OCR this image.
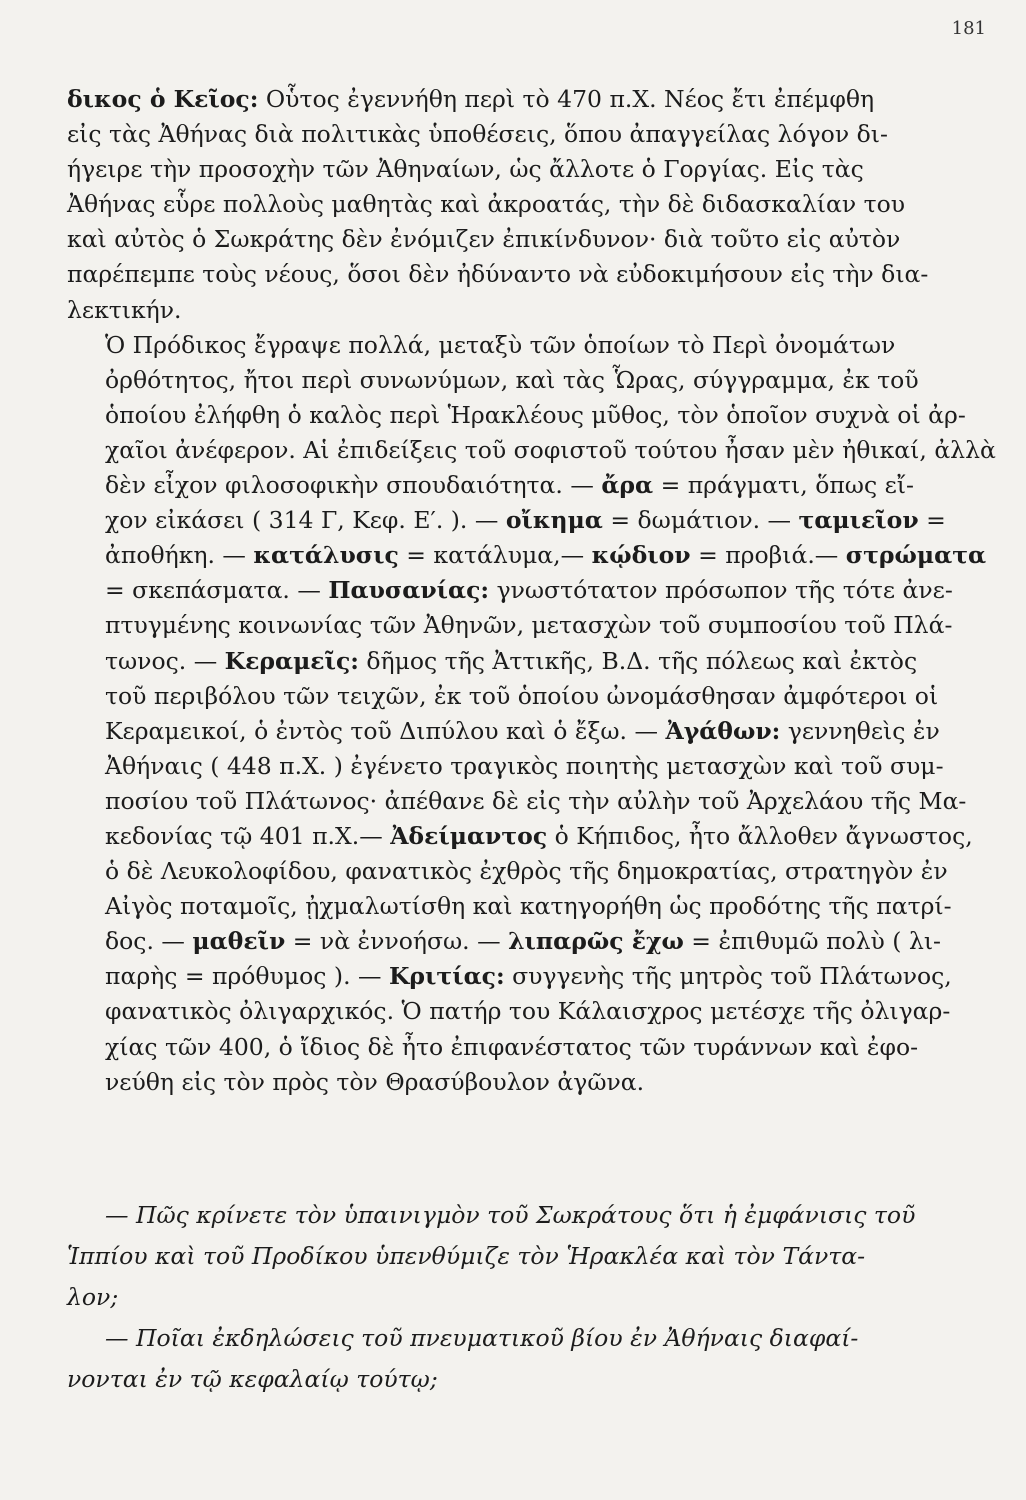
181

δικος ὁ Κεῖος: Οὗτος ἐγεννήθη περὶ τὸ 470 π.Χ. Νέος ἔτι ἐπέμφθη
εἰς τὰς Ἀθήνας διὰ πολιτικὰς ὑποθέσεις, ὅπου ἀπαγγείλας λόγον δι-
ήγειρε τὴν προσοχὴν τῶν Ἀθηναίων, ὡς ἄλλοτε ὁ Γοργίας. Εἰς τὰς
Ἀθήνας εὗρε πολλοὺς μαθητὰς καὶ ἀκροατάς, τὴν δὲ διδασκαλίαν του
καὶ αὐτὸς ὁ Σωκράτης δὲν ἐνόμιζεν ἐπικίνδυνον· διὰ τοῦτο εἰς αὐτὸν
παρέπεμπε τοὺς νέους, ὅσοι δὲν ἠδύναντο νὰ εὐδοκιμήσουν εἰς τὴν δια-
λεκτικήν.

Ὁ Πρόδικος ἔγραψε πολλά, μεταξὺ τῶν ὁποίων τὸ Περὶ ὀνομάτων
ὀρθότητος, ἤτοι περὶ συνωνύμων, καὶ τὰς Ὧρας, σύγγραμμα, ἐκ τοῦ
ὁποίου ἐλήφθη ὁ καλὸς περὶ Ἡρακλέους μῦθος, τὸν ὁποῖον συχνὰ οἱ ἀρ-
χαῖοι ἀνέφερον. Αἱ ἐπιδείξεις τοῦ σοφιστοῦ τούτου ἦσαν μὲν ἠθικαί, ἀλλὰ
δὲν εἶχον φιλοσοφικὴν σπουδαιότητα. — ἄρα = πράγματι, ὅπως εἴ-
χον εἰκάσει ( 314 Γ, Κεφ. Ε′. ). — οἴκημα = δωμάτιον. — ταμιεῖον =
ἀποθήκη. — κατάλυσις = κατάλυμα,— κῴδιον = προβιά.— στρώματα
= σκεπάσματα. — Παυσανίας: γνωστότατον πρόσωπον τῆς τότε ἀνε-
πτυγμένης κοινωνίας τῶν Ἀθηνῶν, μετασχὼν τοῦ συμποσίου τοῦ Πλά-
τωνος. — Κεραμεῖς: δῆμος τῆς Ἀττικῆς, Β.Δ. τῆς πόλεως καὶ ἐκτὸς
τοῦ περιβόλου τῶν τειχῶν, ἐκ τοῦ ὁποίου ὠνομάσθησαν ἀμφότεροι οἱ
Κεραμεικοί, ὁ ἐντὸς τοῦ Διπύλου καὶ ὁ ἔξω. — Ἀγάθων: γεννηθεὶς ἐν
Ἀθήναις ( 448 π.Χ. ) ἐγένετο τραγικὸς ποιητὴς μετασχὼν καὶ τοῦ συμ-
ποσίου τοῦ Πλάτωνος· ἀπέθανε δὲ εἰς τὴν αὐλὴν τοῦ Ἀρχελάου τῆς Μα-
κεδονίας τῷ 401 π.Χ.— Ἀδείμαντος ὁ Κήπιδος, ἦτο ἄλλοθεν ἄγνωστος,
ὁ δὲ Λευκολοφίδου, φανατικὸς ἐχθρὸς τῆς δημοκρατίας, στρατηγὸν ἐν
Αἰγὸς ποταμοῖς, ᾐχμαλωτίσθη καὶ κατηγορήθη ὡς προδότης τῆς πατρί-
δος. — μαθεῖν = νὰ ἐννοήσω. — λιπαρῶς ἔχω = ἐπιθυμῶ πολὺ ( λι-
παρὴς = πρόθυμος ). — Κριτίας: συγγενὴς τῆς μητρὸς τοῦ Πλάτωνος,
φανατικὸς ὀλιγαρχικός. Ὁ πατήρ του Κάλαισχρος μετέσχε τῆς ὀλιγαρ-
χίας τῶν 400, ὁ ἴδιος δὲ ἦτο ἐπιφανέστατος τῶν τυράννων καὶ ἐφο-
νεύθη εἰς τὸν πρὸς τὸν Θρασύβουλον ἀγῶνα.

— Πῶς κρίνετε τὸν ὑπαινιγμὸν τοῦ Σωκράτους ὅτι ἡ ἐμφάνισις τοῦ
Ἱππίου καὶ τοῦ Προδίκου ὑπενθύμιζε τὸν Ἡρακλέα καὶ τὸν Τάντα-
λον;

— Ποῖαι ἐκδηλώσεις τοῦ πνευματικοῦ βίου ἐν Ἀθήναις διαφαί-
νονται ἐν τῷ κεφαλαίῳ τούτῳ;
